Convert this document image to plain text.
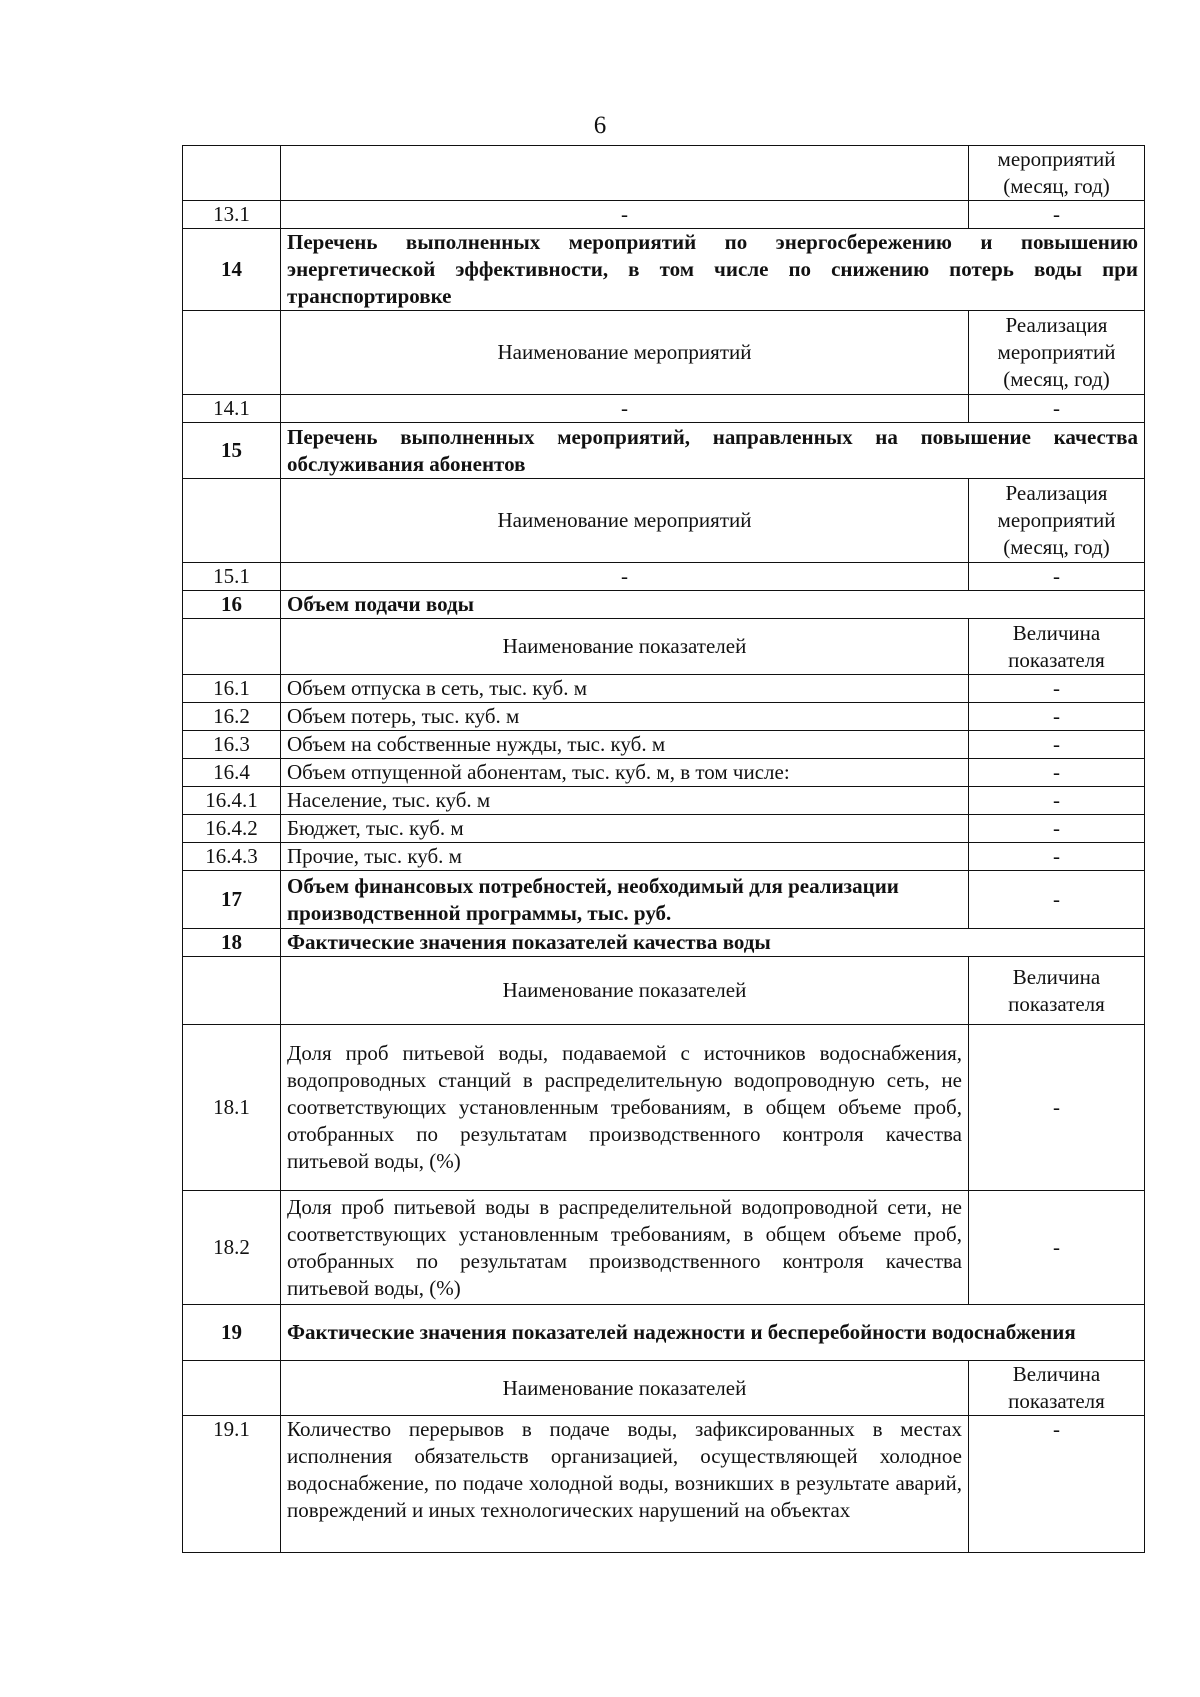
6
		мероприятий (месяц, год)
13.1	-	-
14	Перечень выполненных мероприятий по энергосбережению и повышению энергетической эффективности, в том числе по снижению потерь воды при транспортировке	
	Наименование мероприятий	Реализация мероприятий (месяц, год)
14.1	-	-
15	Перечень выполненных мероприятий, направленных на повышение качества обслуживания абонентов	
	Наименование мероприятий	Реализация мероприятий (месяц, год)
15.1	-	-
16	Объем подачи воды	
	Наименование показателей	Величина показателя
16.1	Объем отпуска в сеть, тыс. куб. м	-
16.2	Объем потерь, тыс. куб. м	-
16.3	Объем на собственные нужды, тыс. куб. м	-
16.4	Объем отпущенной абонентам, тыс. куб. м, в том числе:	-
16.4.1	Население, тыс. куб. м	-
16.4.2	Бюджет, тыс. куб. м	-
16.4.3	Прочие, тыс. куб. м	-
17	Объем финансовых потребностей, необходимый для реализации производственной программы, тыс. руб.	-
18	Фактические значения показателей качества воды	
	Наименование показателей	Величина показателя
18.1	Доля проб питьевой воды, подаваемой с источников водоснабжения, водопроводных станций в распределительную водопроводную сеть, не соответствующих установленным требованиям, в общем объеме проб, отобранных по результатам производственного контроля качества питьевой воды, (%)	-
18.2	Доля проб питьевой воды в распределительной водопроводной сети, не соответствующих установленным требованиям, в общем объеме проб, отобранных по результатам производственного контроля качества питьевой воды, (%)	-
19	Фактические значения показателей надежности и бесперебойности водоснабжения	
	Наименование показателей	Величина показателя
19.1	Количество перерывов в подаче воды, зафиксированных в местах исполнения обязательств организацией, осуществляющей холодное водоснабжение, по подаче холодной воды, возникших в результате аварий, повреждений и иных технологических нарушений на объектах	-
